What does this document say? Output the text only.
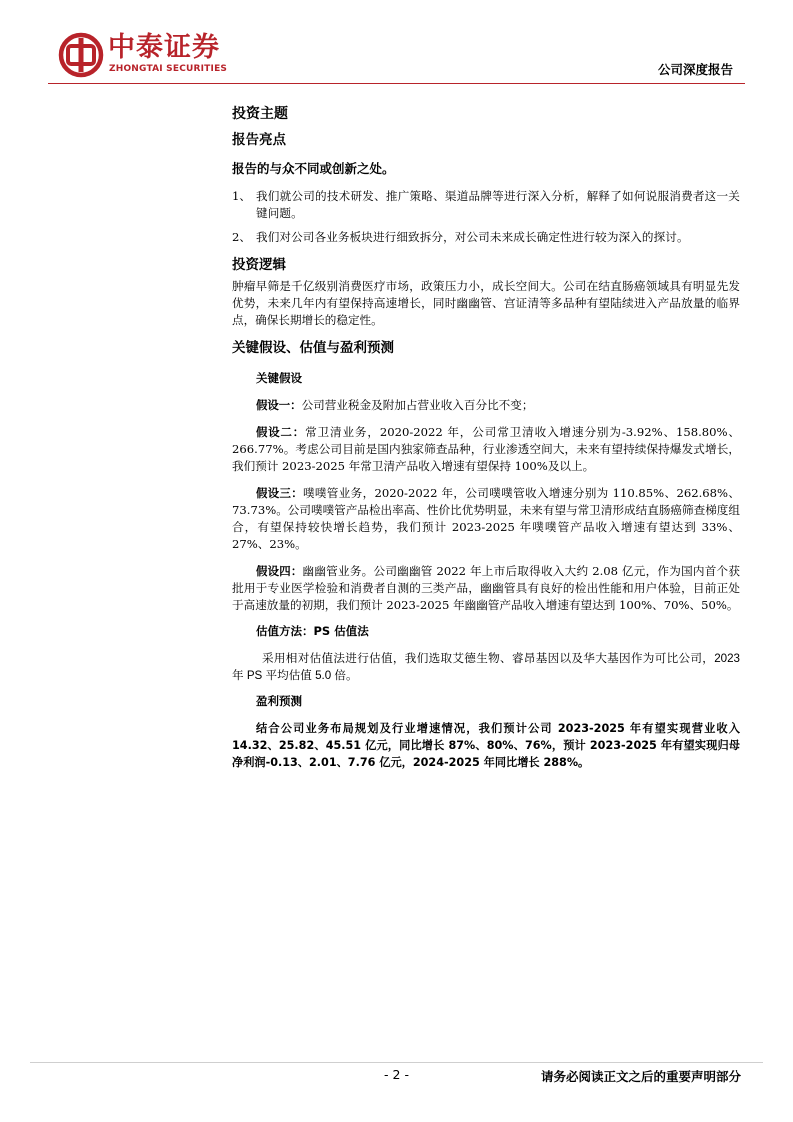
中泰证券
ZHONGTAI SECURITIES	公司深度报告
投资主题
报告亮点
报告的与众不同或创新之处。
1、 我们就公司的技术研发、推广策略、渠道品牌等进行深入分析，解释了如何说服消费者这一关键问题。
2、 我们对公司各业务板块进行细致拆分，对公司未来成长确定性进行较为深入的探讨。
投资逻辑
肿瘤早筛是千亿级别消费医疗市场，政策压力小，成长空间大。公司在结直肠癌领域具有明显先发优势，未来几年内有望保持高速增长，同时幽幽管、宫证清等多品种有望陆续进入产品放量的临界点，确保长期增长的稳定性。
关键假设、估值与盈利预测
关键假设
假设一：公司营业税金及附加占营业收入百分比不变；
假设二：常卫清业务，2020-2022 年，公司常卫清收入增速分别为-3.92%、158.80%、266.77%。考虑公司目前是国内独家筛查品种，行业渗透空间大，未来有望持续保持爆发式增长，我们预计 2023-2025 年常卫清产品收入增速有望保持 100%及以上。
假设三：噗噗管业务，2020-2022 年，公司噗噗管收入增速分别为 110.85%、262.68%、73.73%。公司噗噗管产品检出率高、性价比优势明显，未来有望与常卫清形成结直肠癌筛查梯度组合，有望保持较快增长趋势，我们预计 2023-2025 年噗噗管产品收入增速有望达到 33%、27%、23%。
假设四：幽幽管业务。公司幽幽管 2022 年上市后取得收入大约 2.08 亿元，作为国内首个获批用于专业医学检验和消费者自测的三类产品，幽幽管具有良好的检出性能和用户体验，目前正处于高速放量的初期，我们预计 2023-2025 年幽幽管产品收入增速有望达到 100%、70%、50%。
估值方法：PS 估值法
采用相对估值法进行估值，我们选取艾德生物、睿昂基因以及华大基因作为可比公司，2023 年 PS 平均估值 5.0 倍。
盈利预测
结合公司业务布局规划及行业增速情况，我们预计公司 2023-2025 年有望实现营业收入 14.32、25.82、45.51 亿元，同比增长 87%、80%、76%，预计 2023-2025 年有望实现归母净利润-0.13、2.01、7.76 亿元，2024-2025 年同比增长 288%。
- 2 -	请务必阅读正文之后的重要声明部分
